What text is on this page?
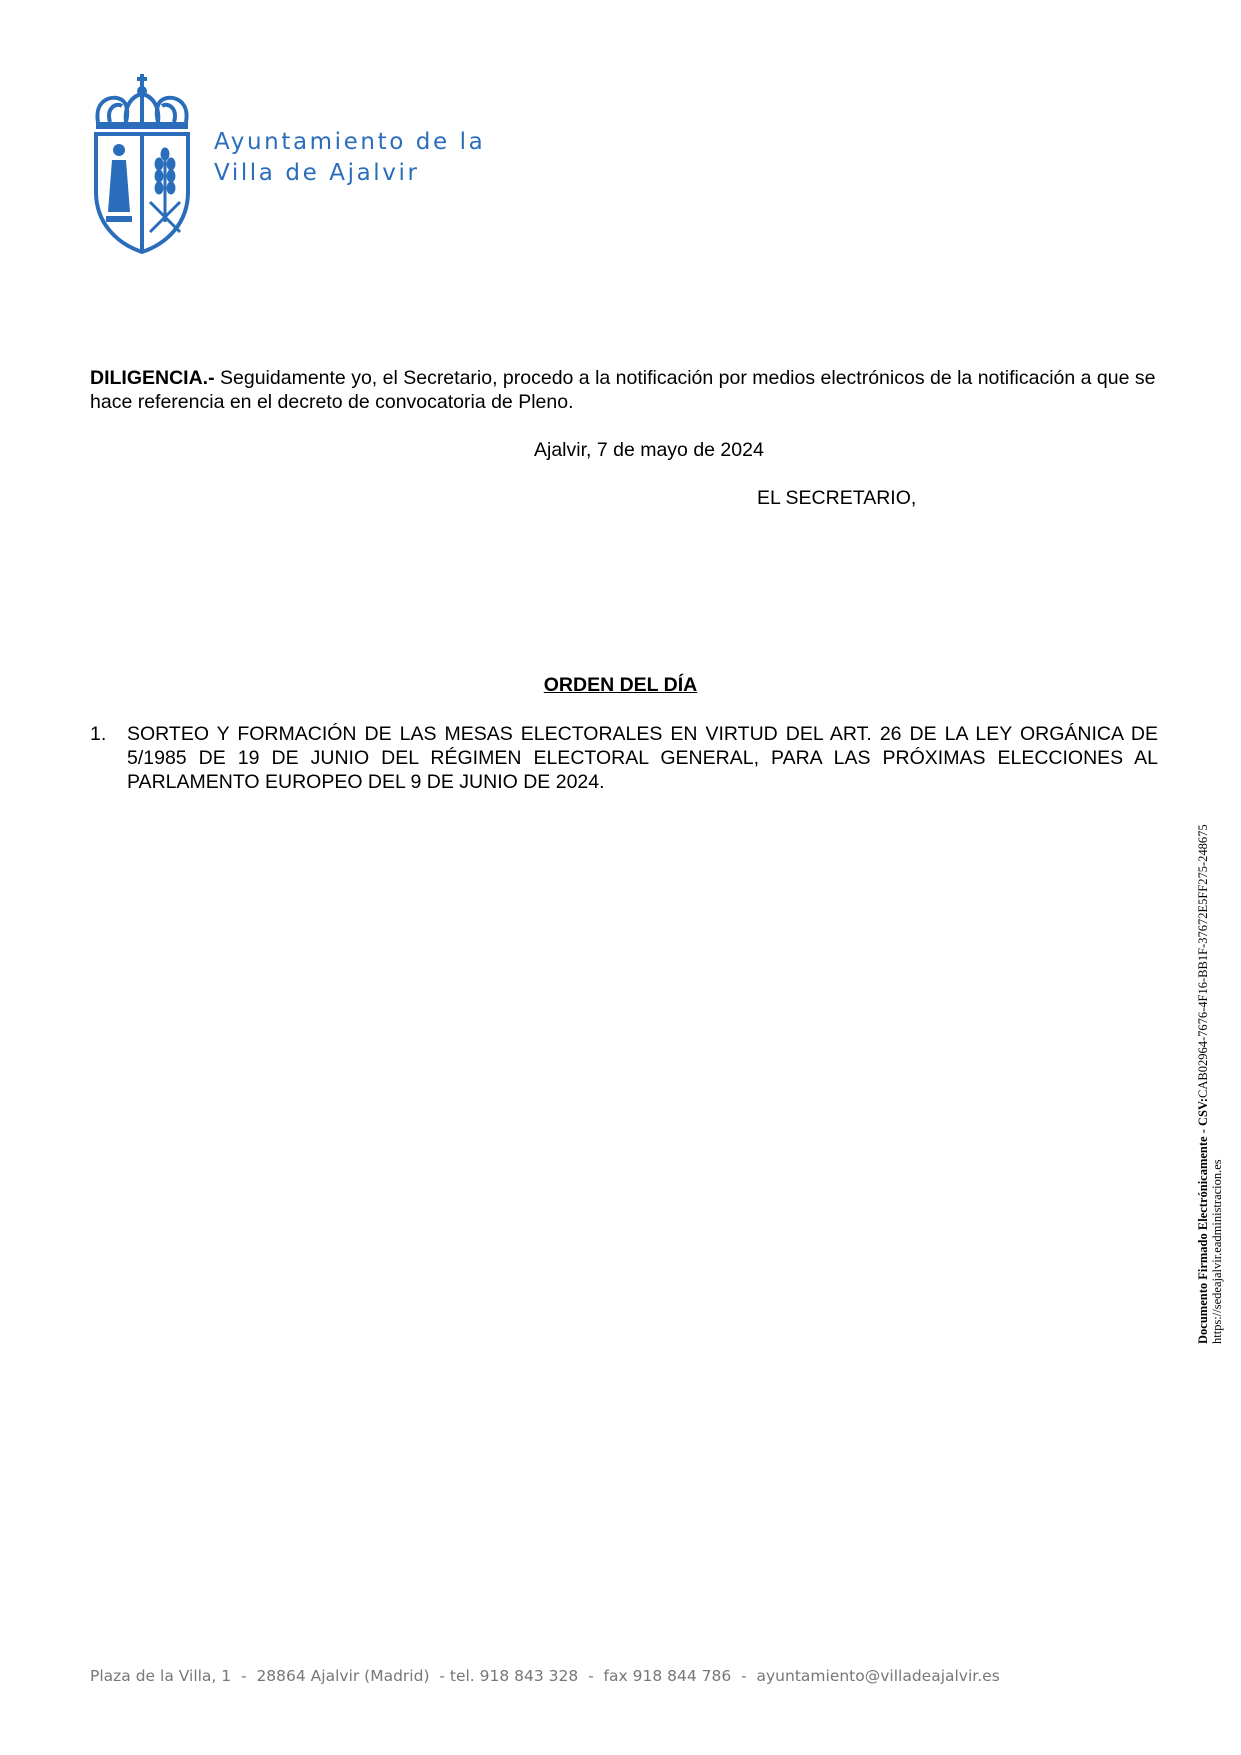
Ayuntamiento de la
Villa de Ajalvir
DILIGENCIA.- Seguidamente yo, el Secretario, procedo a la notificación por medios electrónicos de la notificación a que se hace referencia en el decreto de convocatoria de Pleno.
Ajalvir, 7 de mayo de 2024
EL SECRETARIO,
ORDEN DEL DÍA
1. SORTEO Y FORMACIÓN DE LAS MESAS ELECTORALES EN VIRTUD DEL ART. 26 DE LA LEY ORGÁNICA DE 5/1985 DE 19 DE JUNIO DEL RÉGIMEN ELECTORAL GENERAL, PARA LAS PRÓXIMAS ELECCIONES AL PARLAMENTO EUROPEO DEL 9 DE JUNIO DE 2024.
Documento Firmado Electrónicamente - CSV:CAB02964-7676-4F16-BB1F-37672E5FF275-248675
https://sedeajalvir.eadministracion.es
Plaza de la Villa, 1  -  28864 Ajalvir (Madrid)  - tel. 918 843 328  -  fax 918 844 786  -  ayuntamiento@villadeajalvir.es
